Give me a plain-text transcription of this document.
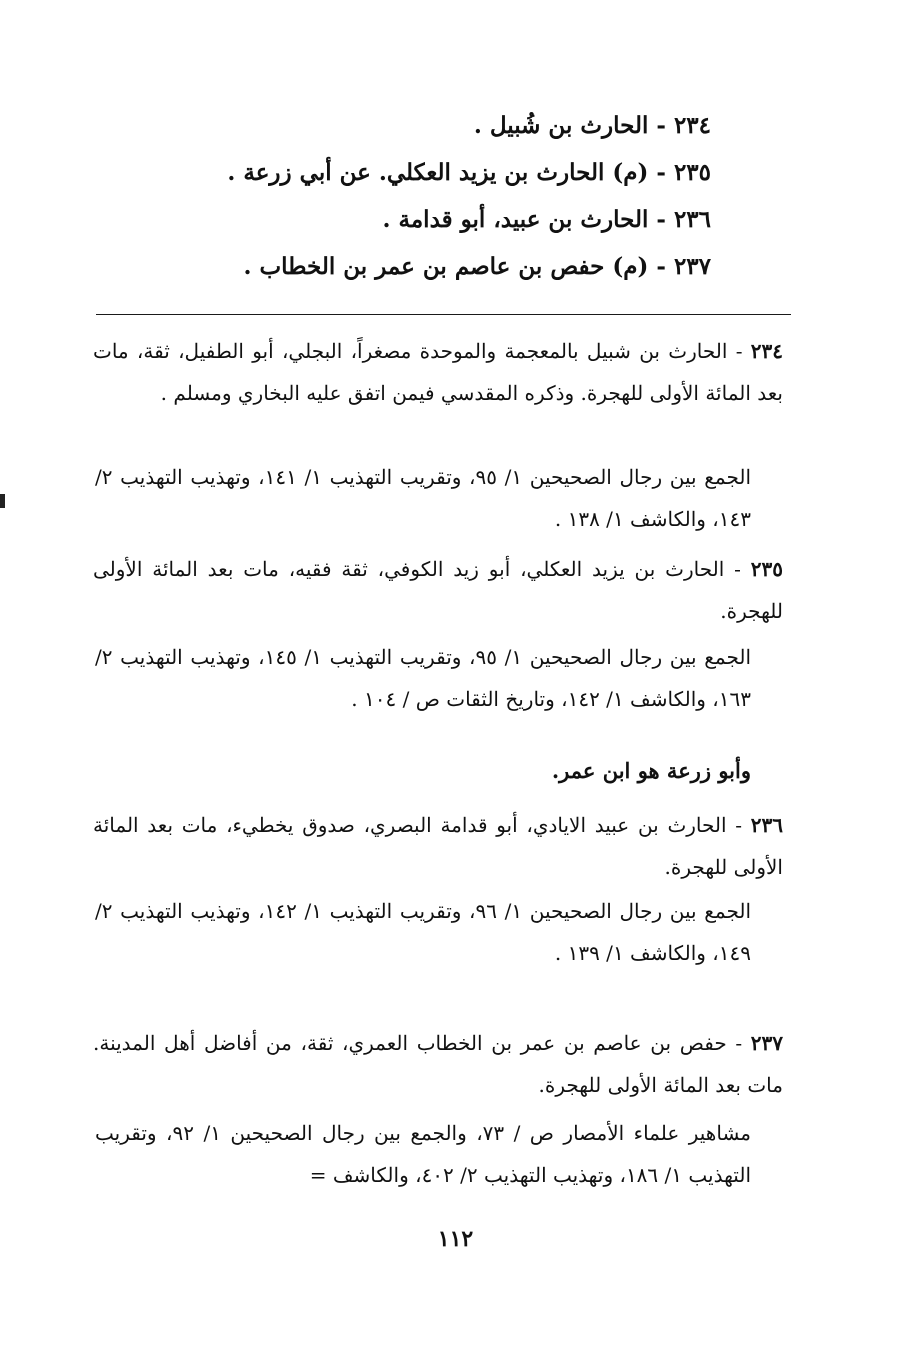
٢٣٤ - الحارث بن شُبيل .
٢٣٥ - (م) الحارث بن يزيد العكلي. عن أبي زرعة .
٢٣٦ - الحارث بن عبيد، أبو قدامة .
٢٣٧ - (م) حفص بن عاصم بن عمر بن الخطاب .
٢٣٤ - الحارث بن شبيل بالمعجمة والموحدة مصغراً، البجلي، أبو الطفيل، ثقة، مات بعد المائة الأولى للهجرة. وذكره المقدسي فيمن اتفق عليه البخاري ومسلم .
الجمع بين رجال الصحيحين ١/ ٩٥، وتقريب التهذيب ١/ ١٤١، وتهذيب التهذيب ٢/ ١٤٣، والكاشف ١/ ١٣٨ .
٢٣٥ - الحارث بن يزيد العكلي، أبو زيد الكوفي، ثقة فقيه، مات بعد المائة الأولى للهجرة.
الجمع بين رجال الصحيحين ١/ ٩٥، وتقريب التهذيب ١/ ١٤٥، وتهذيب التهذيب ٢/ ١٦٣، والكاشف ١/ ١٤٢، وتاريخ الثقات ص / ١٠٤ .
وأبو زرعة هو ابن عمر.
٢٣٦ - الحارث بن عبيد الايادي، أبو قدامة البصري، صدوق يخطيء، مات بعد المائة الأولى للهجرة.
الجمع بين رجال الصحيحين ١/ ٩٦، وتقريب التهذيب ١/ ١٤٢، وتهذيب التهذيب ٢/ ١٤٩، والكاشف ١/ ١٣٩ .
٢٣٧ - حفص بن عاصم بن عمر بن الخطاب العمري، ثقة، من أفاضل أهل المدينة. مات بعد المائة الأولى للهجرة.
مشاهير علماء الأمصار ص / ٧٣، والجمع بين رجال الصحيحين ١/ ٩٢، وتقريب التهذيب ١/ ١٨٦، وتهذيب التهذيب ٢/ ٤٠٢، والكاشف =
١١٢
